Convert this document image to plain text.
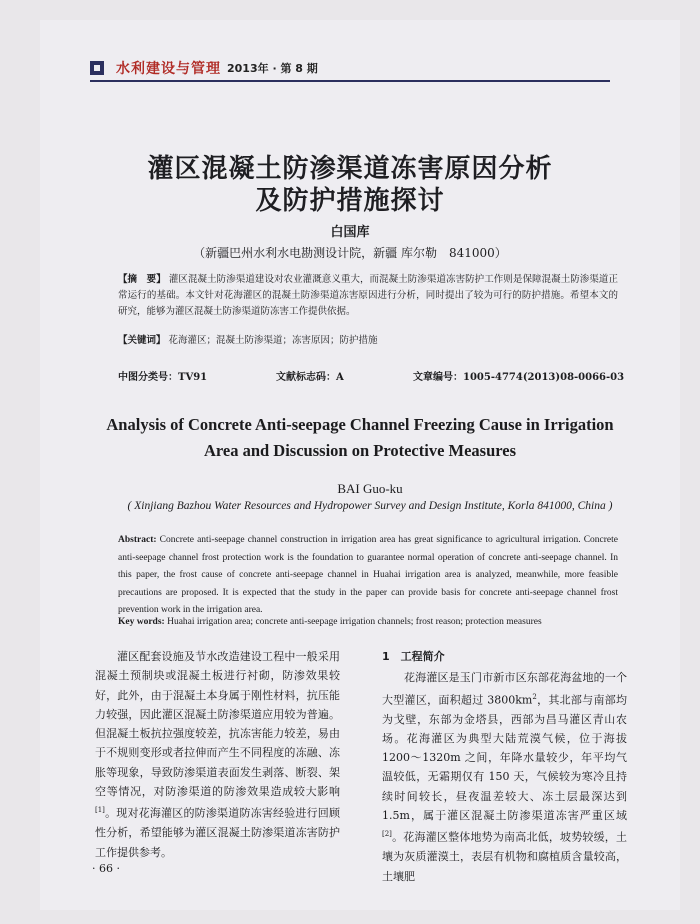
水利建设与管理 2013年 · 第 8 期
灌区混凝土防渗渠道冻害原因分析
及防护措施探讨
白国库
（新疆巴州水利水电勘测设计院，新疆 库尔勒　841000）
【摘　要】 灌区混凝土防渗渠道建设对农业灌溉意义重大，而混凝土防渗渠道冻害防护工作则是保障混凝土防渗渠道正常运行的基础。本文针对花海灌区的混凝土防渗渠道冻害原因进行分析，同时提出了较为可行的防护措施。希望本文的研究，能够为灌区混凝土防渗渠道防冻害工作提供依据。
【关键词】 花海灌区；混凝土防渗渠道；冻害原因；防护措施
中图分类号：TV91	文献标志码：A	文章编号：1005-4774(2013)08-0066-03
Analysis of Concrete Anti-seepage Channel Freezing Cause in Irrigation
Area and Discussion on Protective Measures
BAI Guo-ku
( Xinjiang Bazhou Water Resources and Hydropower Survey and Design Institute, Korla 841000, China )
Abstract: Concrete anti-seepage channel construction in irrigation area has great significance to agricultural irrigation. Concrete anti-seepage channel frost protection work is the foundation to guarantee normal operation of concrete anti-seepage channel. In this paper, the frost cause of concrete anti-seepage channel in Huahai irrigation area is analyzed, meanwhile, more feasible precautions are proposed. It is expected that the study in the paper can provide basis for concrete anti-seepage channel frost prevention work in the irrigation area.
Key words: Huahai irrigation area; concrete anti-seepage irrigation channels; frost reason; protection measures

灌区配套设施及节水改造建设工程中一般采用混凝土预制块或混凝土板进行衬砌，防渗效果较好，此外，由于混凝土本身属于刚性材料，抗压能力较强，因此灌区混凝土防渗渠道应用较为普遍。但混凝土板抗拉强度较差，抗冻害能力较差，易由于不规则变形或者拉伸而产生不同程度的冻融、冻胀等现象，导致防渗渠道表面发生剥落、断裂、架空等情况，对防渗渠道的防渗效果造成较大影响[1]。现对花海灌区的防渗渠道防冻害经验进行回顾性分析，希望能够为灌区混凝土防渗渠道冻害防护工作提供参考。

1　工程简介

花海灌区是玉门市新市区东部花海盆地的一个大型灌区，面积超过 $3800km^2$，其北部与南部均为戈壁，东部为金塔县，西部为昌马灌区青山农场。花海灌区为典型大陆荒漠气候，位于海拔 1200～1320m 之间，年降水量较少，年平均气温较低，无霜期仅有 150 天，气候较为寒冷且持续时间较长，昼夜温差较大、冻土层最深达到 1.5m，属于灌区混凝土防渗渠道冻害严重区域[2]。花海灌区整体地势为南高北低，坡势较缓，土壤为灰质灌漠土，表层有机物和腐植质含量较高，土壤肥

· 66 ·
